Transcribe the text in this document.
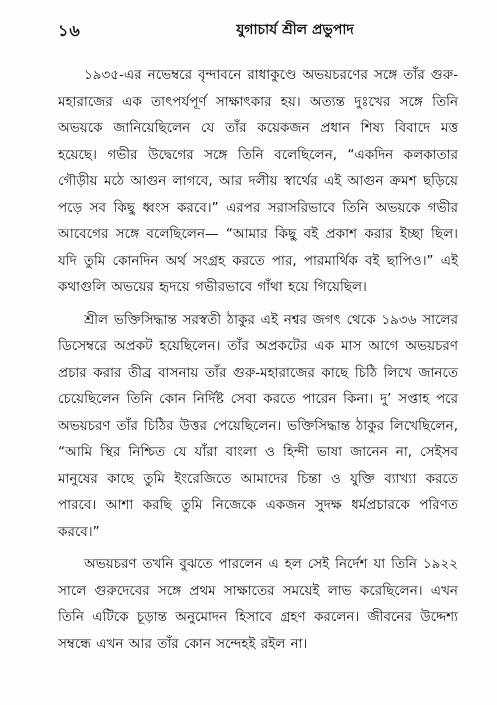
১৬	যুগাচার্য শ্রীল প্রভুপাদ

১৯৩৫-এর নভেম্বরে বৃন্দাবনে রাধাকুণ্ডে অভয়চরণের সঙ্গে তাঁর গুরু-মহারাজের এক তাৎপর্যপূর্ণ সাক্ষাৎকার হয়। অত্যন্ত দুঃখের সঙ্গে তিনি অভয়কে জানিয়েছিলেন যে তাঁর কয়েকজন প্রধান শিষ্য বিবাদে মত্ত হয়েছে। গভীর উদ্বেগের সঙ্গে তিনি বলেছিলেন, “একদিন কলকাতার গৌড়ীয় মঠে আগুন লাগবে, আর দলীয় স্বার্থের এই আগুন ক্রমশ ছড়িয়ে পড়ে সব কিছু ধ্বংস করবে।” এরপর সরাসরিভাবে তিনি অভয়কে গভীর আবেগের সঙ্গে বলেছিলেন— “আমার কিছু বই প্রকাশ করার ইচ্ছা ছিল। যদি তুমি কোনদিন অর্থ সংগ্রহ করতে পার, পারমার্থিক বই ছাপিও।” এই কথাগুলি অভয়ের হৃদয়ে গভীরভাবে গাঁথা হয়ে গিয়েছিল।

শ্রীল ভক্তিসিদ্ধান্ত সরস্বতী ঠাকুর এই নশ্বর জগৎ থেকে ১৯৩৬ সালের ডিসেম্বরে অপ্রকট হয়েছিলেন। তাঁর অপ্রকটের এক মাস আগে অভয়চরণ প্রচার করার তীব্র বাসনায় তাঁর গুরু-মহারাজের কাছে চিঠি লিখে জানতে চেয়েছিলেন তিনি কোন নির্দিষ্ট সেবা করতে পারেন কিনা। দু’ সপ্তাহ পরে অভয়চরণ তাঁর চিঠির উত্তর পেয়েছিলেন। ভক্তিসিদ্ধান্ত ঠাকুর লিখেছিলেন, “আমি স্থির নিশ্চিত যে যাঁরা বাংলা ও হিন্দী ভাষা জানেন না, সেইসব মানুষের কাছে তুমি ইংরেজিতে আমাদের চিন্তা ও যুক্তি ব্যাখ্যা করতে পারবে। আশা করছি তুমি নিজেকে একজন সুদক্ষ ধর্মপ্রচারকে পরিণত করবে।”

অভয়চরণ তখনি বুঝতে পারলেন এ হল সেই নির্দেশ যা তিনি ১৯২২ সালে গুরুদেবের সঙ্গে প্রথম সাক্ষাতের সময়েই লাভ করেছিলেন। এখন তিনি এটিকে চূড়ান্ত অনুমোদন হিসাবে গ্রহণ করলেন। জীবনের উদ্দেশ্য সম্বন্ধে এখন আর তাঁর কোন সন্দেহই রইল না।
